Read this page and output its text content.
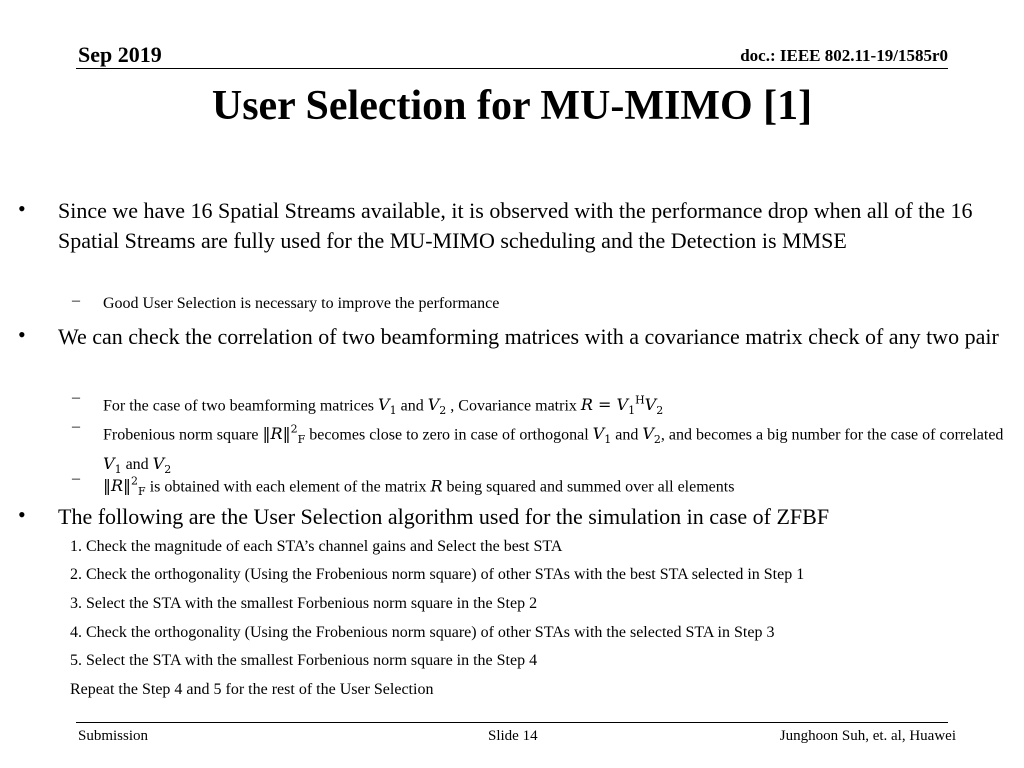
Sep 2019	doc.: IEEE 802.11-19/1585r0
User Selection for MU-MIMO [1]
• Since we have 16 Spatial Streams available, it is observed with the performance drop when all of the 16 Spatial Streams are fully used for the MU-MIMO scheduling and the Detection is MMSE
– Good User Selection is necessary to improve the performance
• We can check the correlation of two beamforming matrices with a covariance matrix check of any two pair
– For the case of two beamforming matrices $V_1$ and $V_2$ , Covariance matrix $R = V_1^HV_2$
– Frobenious norm square ‖R‖$^2_F$ becomes close to zero in case of orthogonal $V_1$ and $V_2$, and becomes a big number for the case of correlated $V_1$ and $V_2$
– ‖R‖$^2_F$ is obtained with each element of the matrix R being squared and summed over all elements
• The following are the User Selection algorithm used for the simulation in case of ZFBF
1. Check the magnitude of each STA’s channel gains and Select the best STA
2. Check the orthogonality (Using the Frobenious norm square) of other STAs with the best STA selected in Step 1
3. Select the STA with the smallest Forbenious norm square in the Step 2
4. Check the orthogonality (Using the Frobenious norm square) of other STAs with the selected STA in Step 3
5. Select the STA with the smallest Forbenious norm square in the Step 4
Repeat the Step 4 and 5 for the rest of the User Selection
Submission	Slide 14	Junghoon Suh, et. al, Huawei
